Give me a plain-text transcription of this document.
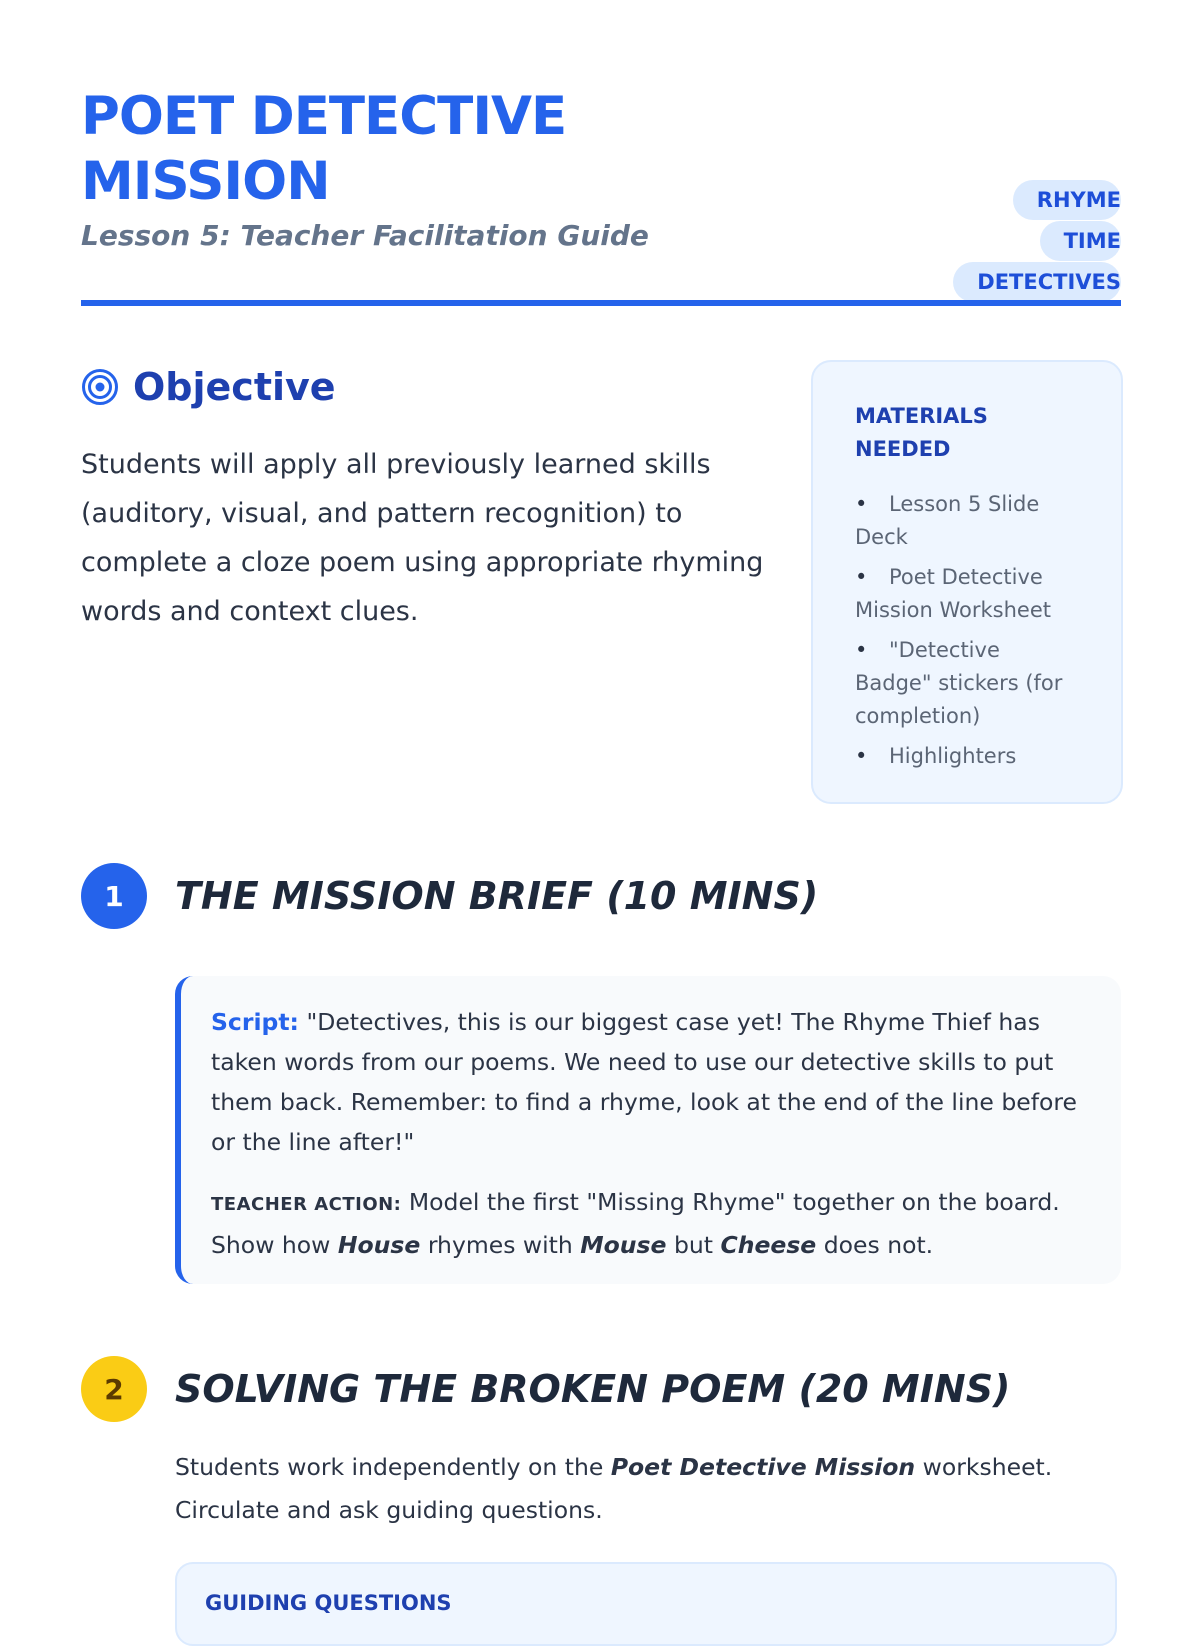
POET DETECTIVE MISSION

Lesson 5: Teacher Facilitation Guide

RHYME TIME DETECTIVES
Objective

Students will apply all previously learned skills (auditory, visual, and pattern recognition) to complete a cloze poem using appropriate rhyming words and context clues.

MATERIALS NEEDED

• Lesson 5 Slide Deck
• Poet Detective Mission Worksheet
• "Detective Badge" stickers (for completion)
• Highlighters
1	THE MISSION BRIEF (10 MINS)

Script: "Detectives, this is our biggest case yet! The Rhyme Thief has taken words from our poems. We need to use our detective skills to put them back. Remember: to find a rhyme, look at the end of the line before or the line after!"

TEACHER ACTION: Model the first "Missing Rhyme" together on the board. Show how House rhymes with Mouse but Cheese does not.

2	SOLVING THE BROKEN POEM (20 MINS)

Students work independently on the Poet Detective Mission worksheet. Circulate and ask guiding questions.

GUIDING QUESTIONS
